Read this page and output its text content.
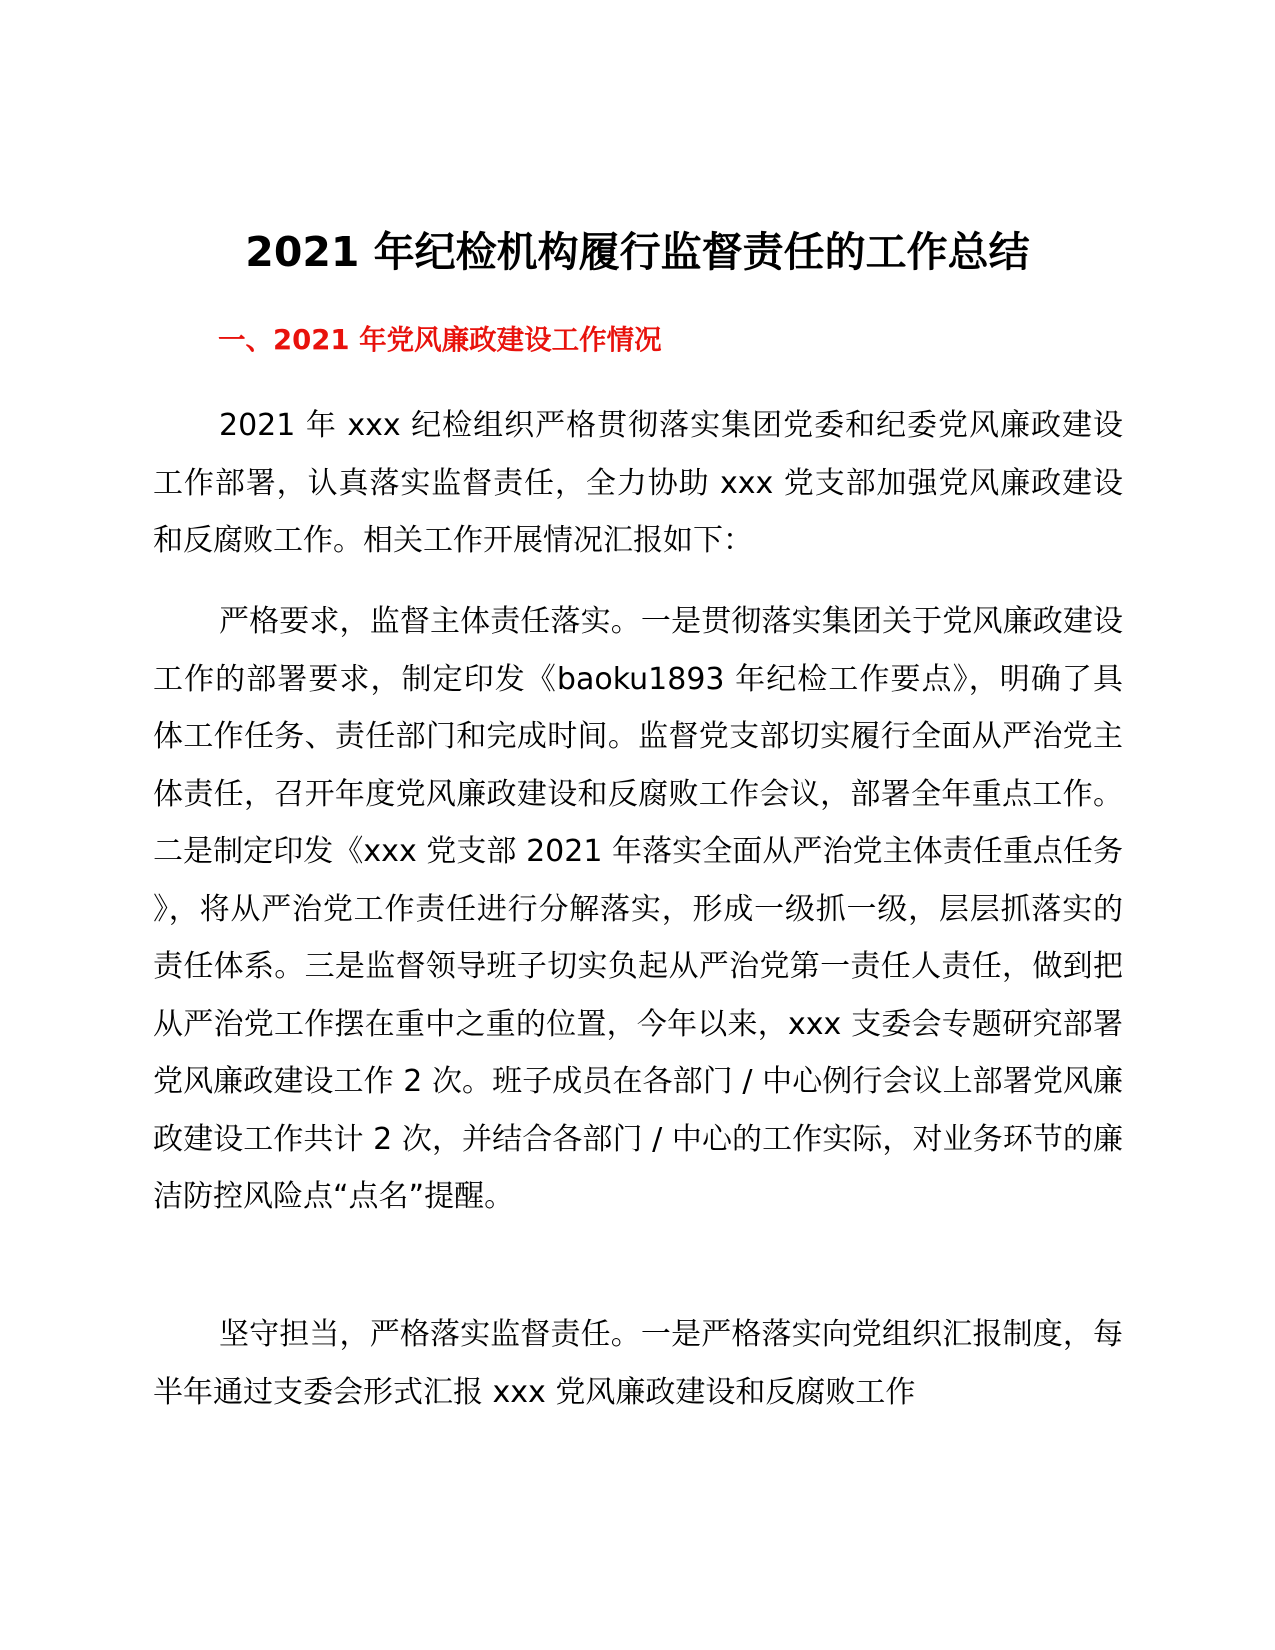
2021 年纪检机构履行监督责任的工作总结
一、2021 年党风廉政建设工作情况

2021 年 xxx 纪检组织严格贯彻落实集团党委和纪委党风廉政建设工作部署，认真落实监督责任，全力协助 xxx 党支部加强党风廉政建设和反腐败工作。相关工作开展情况汇报如下：

严格要求，监督主体责任落实。一是贯彻落实集团关于党风廉政建设工作的部署要求，制定印发《baoku1893 年纪检工作要点》，明确了具体工作任务、责任部门和完成时间。监督党支部切实履行全面从严治党主体责任，召开年度党风廉政建设和反腐败工作会议，部署全年重点工作。二是制定印发《xxx 党支部 2021 年落实全面从严治党主体责任重点任务》，将从严治党工作责任进行分解落实，形成一级抓一级，层层抓落实的责任体系。三是监督领导班子切实负起从严治党第一责任人责任，做到把从严治党工作摆在重中之重的位置，今年以来，xxx 支委会专题研究部署党风廉政建设工作 2 次。班子成员在各部门 / 中心例行会议上部署党风廉政建设工作共计 2 次，并结合各部门 / 中心的工作实际，对业务环节的廉洁防控风险点“点名”提醒。

坚守担当，严格落实监督责任。一是严格落实向党组织汇报制度，每半年通过支委会形式汇报 xxx 党风廉政建设和反腐败工作
